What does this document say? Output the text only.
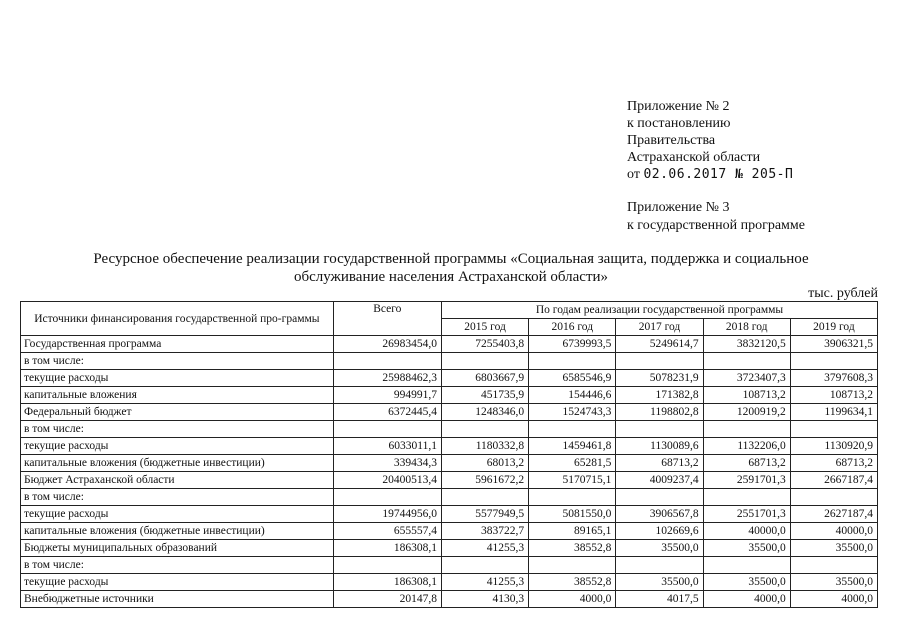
Приложение № 2
к постановлению
Правительства
Астраханской области
от 02.06.2017 № 205-П
Приложение № 3
к государственной программе
Ресурсное обеспечение реализации государственной программы «Социальная защита, поддержка и социальное
обслуживание населения Астраханской области»
тыс. рублей
Источники финансирования государственной про-граммы	Всего	По годам реализации государственной программы				
		2015 год	2016 год	2017 год	2018 год	2019 год
Государственная программа	26983454,0	7255403,8	6739993,5	5249614,7	3832120,5	3906321,5
в том числе:						
текущие расходы	25988462,3	6803667,9	6585546,9	5078231,9	3723407,3	3797608,3
капитальные вложения	994991,7	451735,9	154446,6	171382,8	108713,2	108713,2
Федеральный бюджет	6372445,4	1248346,0	1524743,3	1198802,8	1200919,2	1199634,1
в том числе:						
текущие расходы	6033011,1	1180332,8	1459461,8	1130089,6	1132206,0	1130920,9
капитальные вложения (бюджетные инвестиции)	339434,3	68013,2	65281,5	68713,2	68713,2	68713,2
Бюджет Астраханской области	20400513,4	5961672,2	5170715,1	4009237,4	2591701,3	2667187,4
в том числе:						
текущие расходы	19744956,0	5577949,5	5081550,0	3906567,8	2551701,3	2627187,4
капитальные вложения (бюджетные инвестиции)	655557,4	383722,7	89165,1	102669,6	40000,0	40000,0
Бюджеты муниципальных образований	186308,1	41255,3	38552,8	35500,0	35500,0	35500,0
в том числе:						
текущие расходы	186308,1	41255,3	38552,8	35500,0	35500,0	35500,0
Внебюджетные источники	20147,8	4130,3	4000,0	4017,5	4000,0	4000,0
